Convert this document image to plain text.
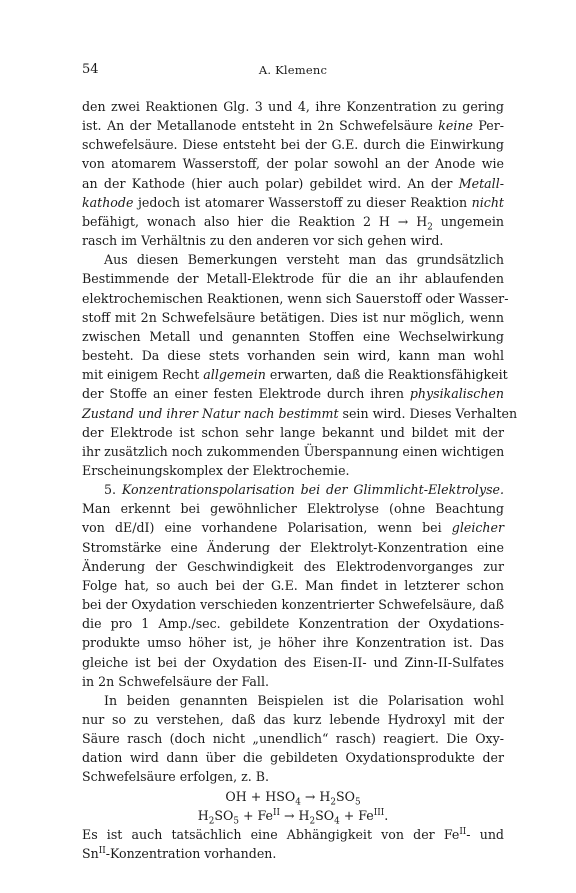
54	A. Klemenc
den zwei Reaktionen Glg. 3 und 4, ihre Konzentration zu gering
ist. An der Metallanode entsteht in 2n Schwefelsäure keine Per-
schwefelsäure. Diese entsteht bei der G.E. durch die Einwirkung
von atomarem Wasserstoff, der polar sowohl an der Anode wie
an der Kathode (hier auch polar) gebildet wird. An der Metall-
kathode jedoch ist atomarer Wasserstoff zu dieser Reaktion nicht
befähigt, wonach also hier die Reaktion 2 $H \to H_2$ ungemein
rasch im Verhältnis zu den anderen vor sich gehen wird.
Aus diesen Bemerkungen versteht man das grundsätzlich
Bestimmende der Metall-Elektrode für die an ihr ablaufenden
elektrochemischen Reaktionen, wenn sich Sauerstoff oder Wasser-
stoff mit 2n Schwefelsäure betätigen. Dies ist nur möglich, wenn
zwischen Metall und genannten Stoffen eine Wechselwirkung
besteht. Da diese stets vorhanden sein wird, kann man wohl
mit einigem Recht allgemein erwarten, daß die Reaktionsfähigkeit
der Stoffe an einer festen Elektrode durch ihren physikalischen
Zustand und ihrer Natur nach bestimmt sein wird. Dieses Verhalten
der Elektrode ist schon sehr lange bekannt und bildet mit der
ihr zusätzlich noch zukommenden Überspannung einen wichtigen
Erscheinungskomplex der Elektrochemie.
5. Konzentrationspolarisation bei der Glimmlicht-Elektrolyse.
Man erkennt bei gewöhnlicher Elektrolyse (ohne Beachtung
von dE/dI) eine vorhandene Polarisation, wenn bei gleicher
Stromstärke eine Änderung der Elektrolyt-Konzentration eine
Änderung der Geschwindigkeit des Elektrodenvorganges zur
Folge hat, so auch bei der G.E. Man findet in letzterer schon
bei der Oxydation verschieden konzentrierter Schwefelsäure, daß
die pro 1 Amp./sec. gebildete Konzentration der Oxydations-
produkte umso höher ist, je höher ihre Konzentration ist. Das
gleiche ist bei der Oxydation des Eisen-II- und Zinn-II-Sulfates
in 2n Schwefelsäure der Fall.
In beiden genannten Beispielen ist die Polarisation wohl
nur so zu verstehen, daß das kurz lebende Hydroxyl mit der
Säure rasch (doch nicht „unendlich“ rasch) reagiert. Die Oxy-
dation wird dann über die gebildeten Oxydationsprodukte der
Schwefelsäure erfolgen, z. B.
OH + $HSO_4 \to H_2SO_5$
$H_2SO_5 + Fe^{II} \to H_2SO_4 + Fe^{III}$.
Es ist auch tatsächlich eine Abhängigkeit von der $Fe^{II}-$ und
$Sn^{II}$-Konzentration vorhanden.
